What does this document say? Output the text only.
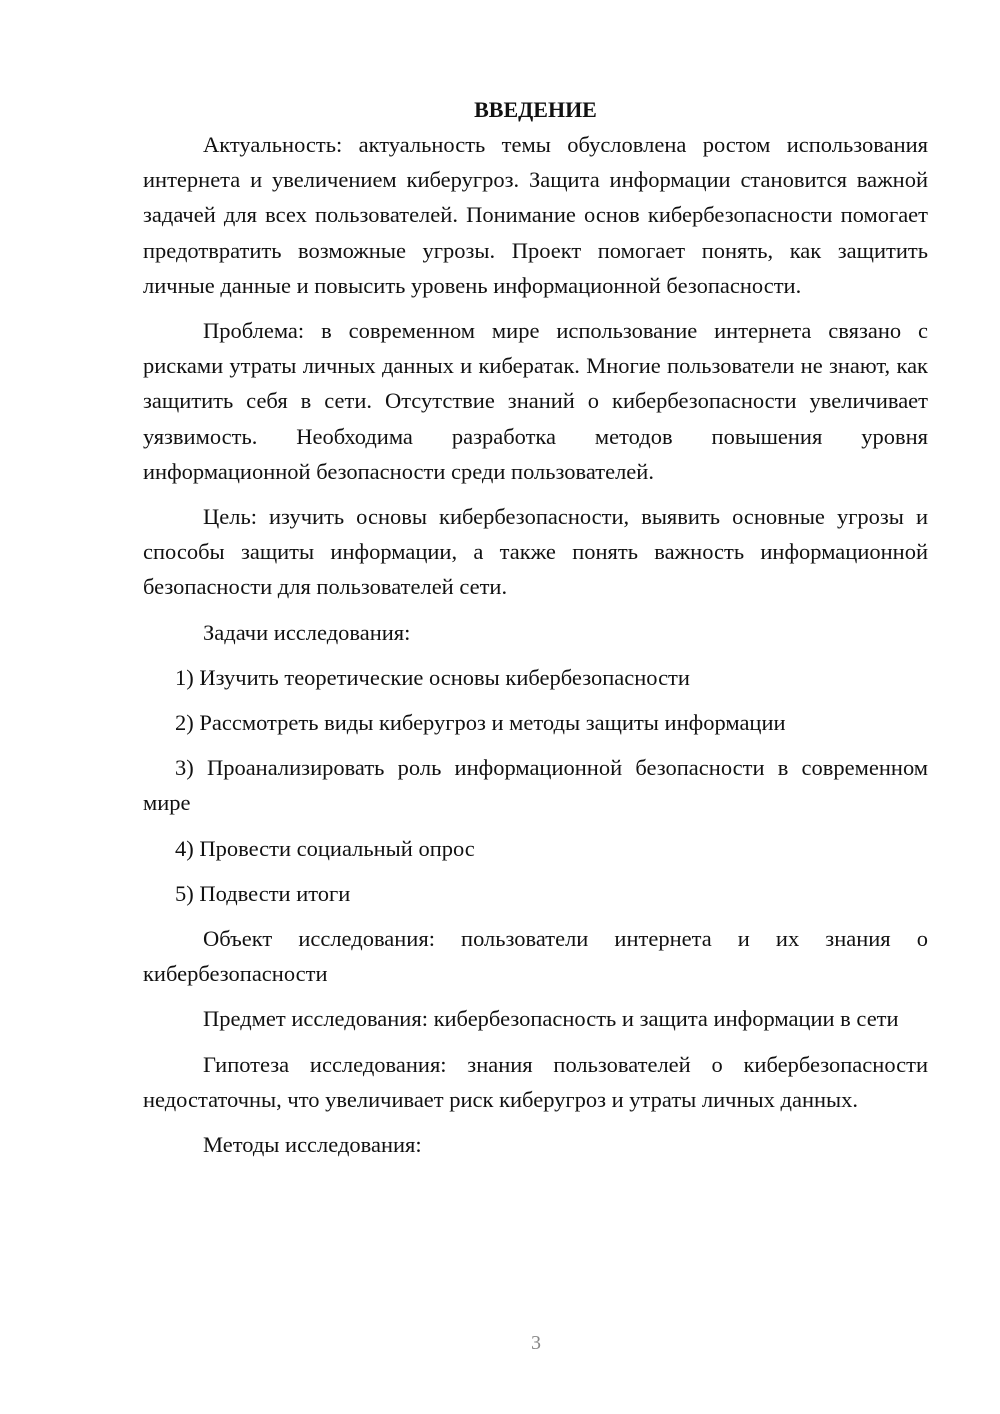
ВВЕДЕНИЕ

Актуальность: актуальность темы обусловлена ростом использования интернета и увеличением киберугроз. Защита информации становится важной задачей для всех пользователей. Понимание основ кибербезопасности помогает предотвратить возможные угрозы. Проект помогает понять, как защитить личные данные и повысить уровень информационной безопасности.

Проблема: в современном мире использование интернета связано с рисками утраты личных данных и кибератак. Многие пользователи не знают, как защитить себя в сети. Отсутствие знаний о кибербезопасности увеличивает уязвимость. Необходима разработка методов повышения уровня информационной безопасности среди пользователей.

Цель: изучить основы кибербезопасности, выявить основные угрозы и способы защиты информации, а также понять важность информационной безопасности для пользователей сети.

Задачи исследования:

1) Изучить теоретические основы кибербезопасности

2) Рассмотреть виды киберугроз и методы защиты информации

3) Проанализировать роль информационной безопасности в современном мире

4) Провести социальный опрос

5) Подвести итоги

Объект исследования: пользователи интернета и их знания о кибербезопасности

Предмет исследования: кибербезопасность и защита информации в сети

Гипотеза исследования: знания пользователей о кибербезопасности недостаточны, что увеличивает риск киберугроз и утраты личных данных.

Методы исследования:

3
